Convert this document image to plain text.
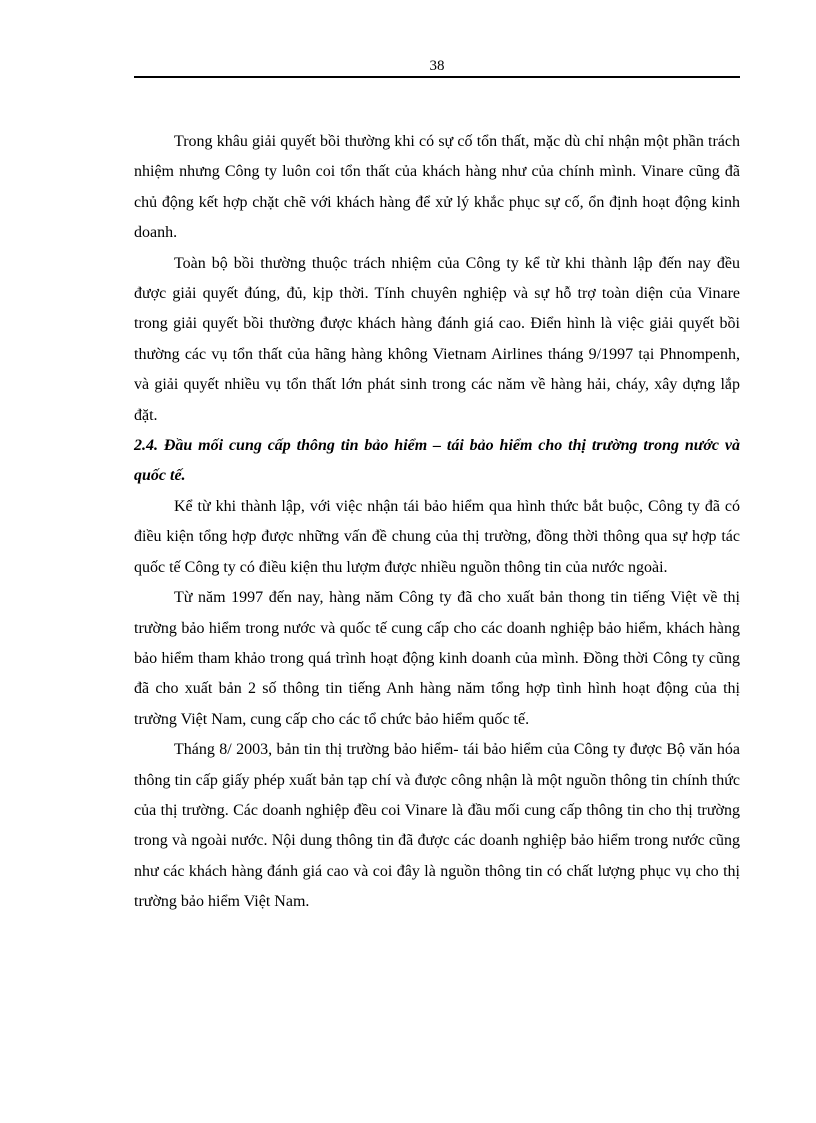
38

Trong khâu giải quyết bồi thường khi có sự cố tổn thất, mặc dù chỉ nhận một phần trách nhiệm nhưng Công ty luôn coi tổn thất của khách hàng như của chính mình. Vinare cũng đã chủ động kết hợp chặt chẽ với khách hàng để xử lý khắc phục sự cố, ổn định hoạt động kinh doanh.

Toàn bộ bồi thường thuộc trách nhiệm của Công ty kể từ khi thành lập đến nay đều được giải quyết đúng, đủ, kịp thời. Tính chuyên nghiệp và sự hỗ trợ toàn diện của Vinare trong giải quyết bồi thường được khách hàng đánh giá cao. Điển hình là việc giải quyết bồi thường các vụ tổn thất của hãng hàng không Vietnam Airlines tháng 9/1997 tại Phnompenh, và giải quyết nhiều vụ tổn thất lớn phát sinh trong các năm về hàng hải, cháy, xây dựng lắp đặt.

2.4. Đầu mối cung cấp thông tin bảo hiểm – tái bảo hiểm cho thị trường trong nước và quốc tế.

Kể từ khi thành lập, với việc nhận tái bảo hiểm qua hình thức bắt buộc, Công ty đã có điều kiện tổng hợp được những vấn đề chung của thị trường, đồng thời thông qua sự hợp tác quốc tế Công ty có điều kiện thu lượm được nhiều nguồn thông tin của nước ngoài.

Từ năm 1997 đến nay, hàng năm Công ty đã cho xuất bản thong tin tiếng Việt về thị trường bảo hiểm trong nước và quốc tế cung cấp cho các doanh nghiệp bảo hiểm, khách hàng bảo hiểm tham khảo trong quá trình hoạt động kinh doanh của mình. Đồng thời Công ty cũng đã cho xuất bản 2 số thông tin tiếng Anh hàng năm tổng hợp tình hình hoạt động của thị trường Việt Nam, cung cấp cho các tổ chức bảo hiểm quốc tế.

Tháng 8/ 2003, bản tin thị trường bảo hiểm- tái bảo hiểm của Công ty được Bộ văn hóa thông tin cấp giấy phép xuất bản tạp chí và được công nhận là một nguồn thông tin chính thức của thị trường. Các doanh nghiệp đều coi Vinare là đầu mối cung cấp thông tin cho thị trường trong và ngoài nước. Nội dung thông tin đã được các doanh nghiệp bảo hiểm trong nước cũng như các khách hàng đánh giá cao và coi đây là nguồn thông tin có chất lượng phục vụ cho thị trường bảo hiểm Việt Nam.
